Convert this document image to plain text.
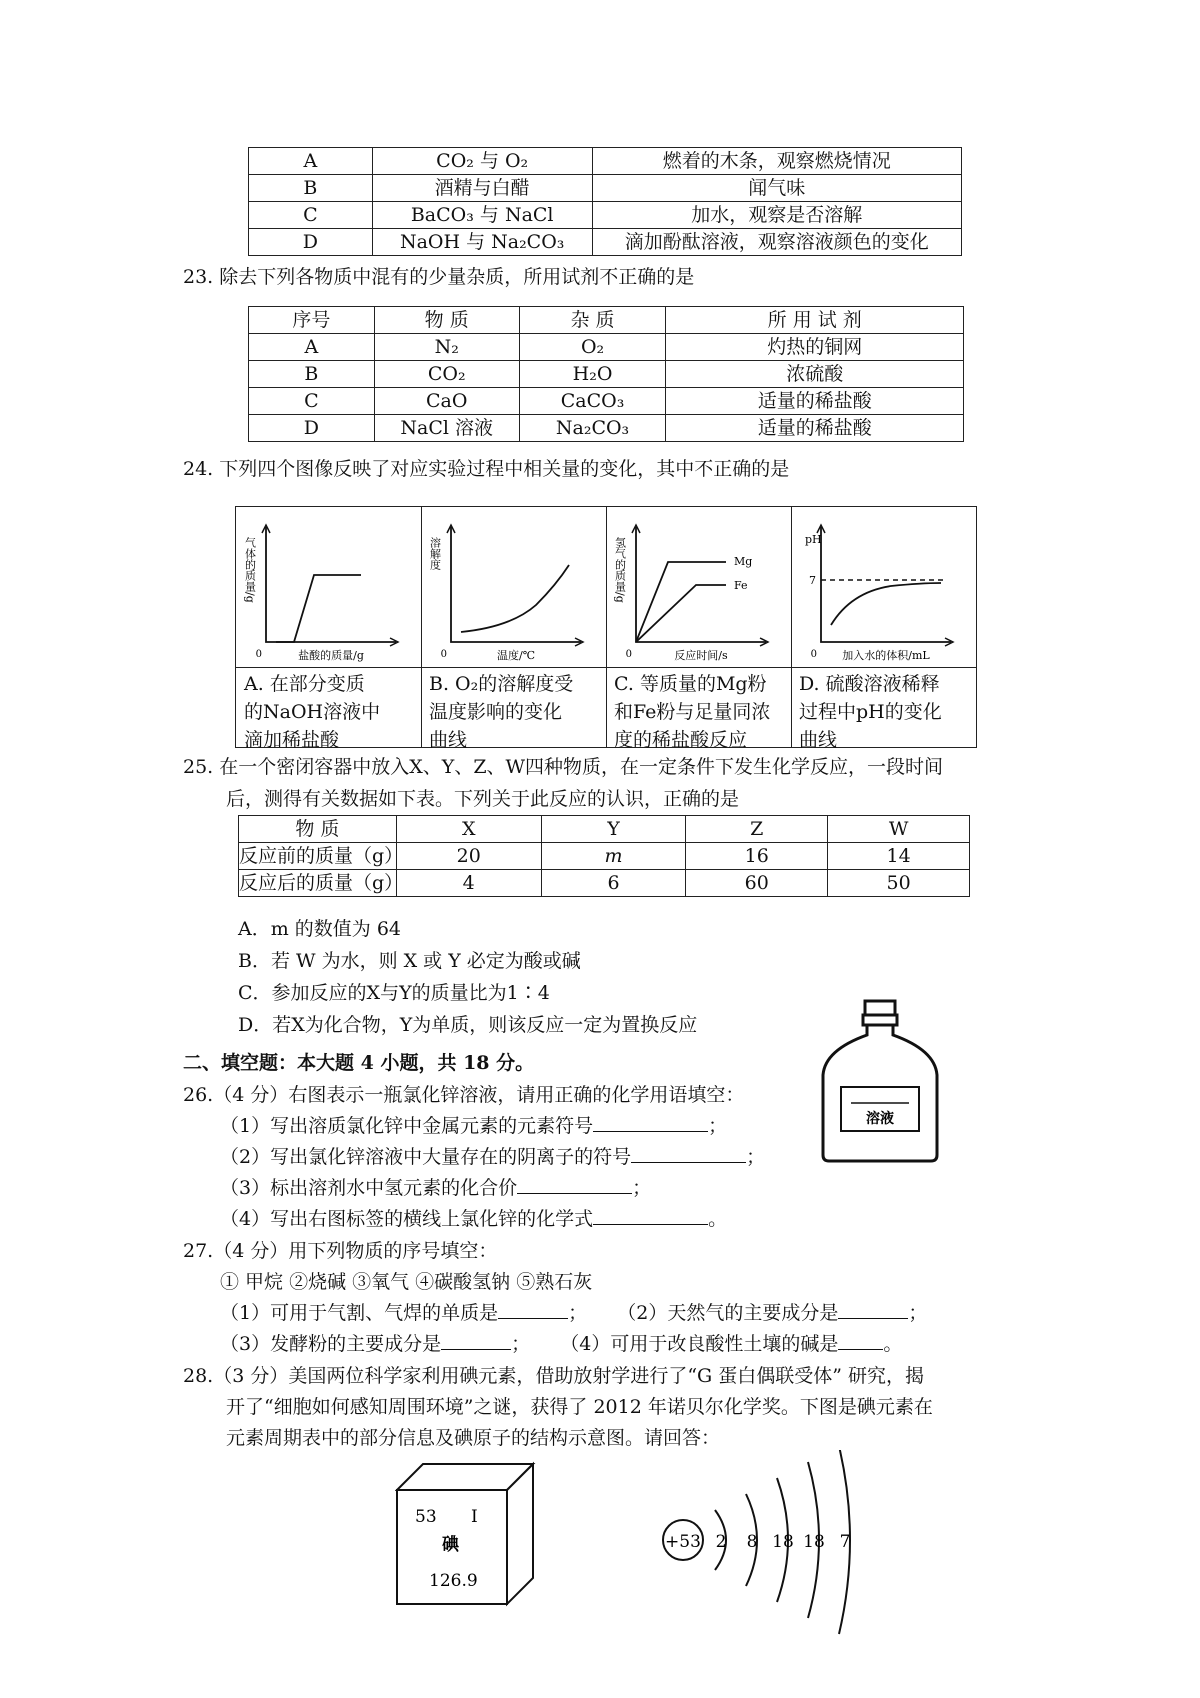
A	CO₂ 与 O₂	燃着的木条，观察燃烧情况
B	酒精与白醋	闻气味
C	BaCO₃ 与 NaCl	加水，观察是否溶解
D	NaOH 与 Na₂CO₃	滴加酚酞溶液，观察溶液颜色的变化
23. 除去下列各物质中混有的少量杂质，所用试剂不正确的是
序号	物 质	杂 质	所 用 试 剂
A	N₂	O₂	灼热的铜网
B	CO₂	H₂O	浓硫酸
C	CaO	CaCO₃	适量的稀盐酸
D	NaCl 溶液	Na₂CO₃	适量的稀盐酸
24. 下列四个图像反映了对应实验过程中相关量的变化，其中不正确的是
0	盐酸的质量/g
气体的质量/g
A. 在部分变质
的NaOH溶液中
滴加稀盐酸
0	温度/℃
溶解度
B. O₂的溶解度受
温度影响的变化
曲线
0	反应时间/s
氢气的质量/g	Mg
Fe
C. 等质量的Mg粉
和Fe粉与足量同浓
度的稀盐酸反应
0 加入水的体积/mL
pH
7
D. 硫酸溶液稀释
过程中pH的变化
曲线
25. 在一个密闭容器中放入X、Y、Z、W四种物质，在一定条件下发生化学反应，一段时间
后，测得有关数据如下表。下列关于此反应的认识，正确的是
物 质	X	Y	Z	W
反应前的质量（g）	20	m	16	14
反应后的质量（g）	4	6	60	50
A．m 的数值为 64
B．若 W 为水，则 X 或 Y 必定为酸或碱
C．参加反应的X与Y的质量比为1∶4
D．若X为化合物，Y为单质，则该反应一定为置换反应
溶液
二、填空题：本大题 4 小题，共 18 分。
26.（4 分）右图表示一瓶氯化锌溶液，请用正确的化学用语填空：
（1）写出溶质氯化锌中金属元素的元素符号	；
（2）写出氯化锌溶液中大量存在的阴离子的符号	；
（3）标出溶剂水中氢元素的化合价	；
（4）写出右图标签的横线上氯化锌的化学式	。
27.（4 分）用下列物质的序号填空：
① 甲烷 ②烧碱 ③氧气 ④碳酸氢钠 ⑤熟石灰
（1）可用于气割、气焊的单质是	；     （2）天然气的主要成分是	；
（3）发酵粉的主要成分是	；     （4）可用于改良酸性土壤的碱是 。
28.（3 分）美国两位科学家利用碘元素，借助放射学进行了“G 蛋白偶联受体” 研究，揭
开了“细胞如何感知周围环境”之谜，获得了 2012 年诺贝尔化学奖。下图是碘元素在
元素周期表中的部分信息及碘原子的结构示意图。请回答：
53 I
碘
126.9
+53 2 8 18 18 7
